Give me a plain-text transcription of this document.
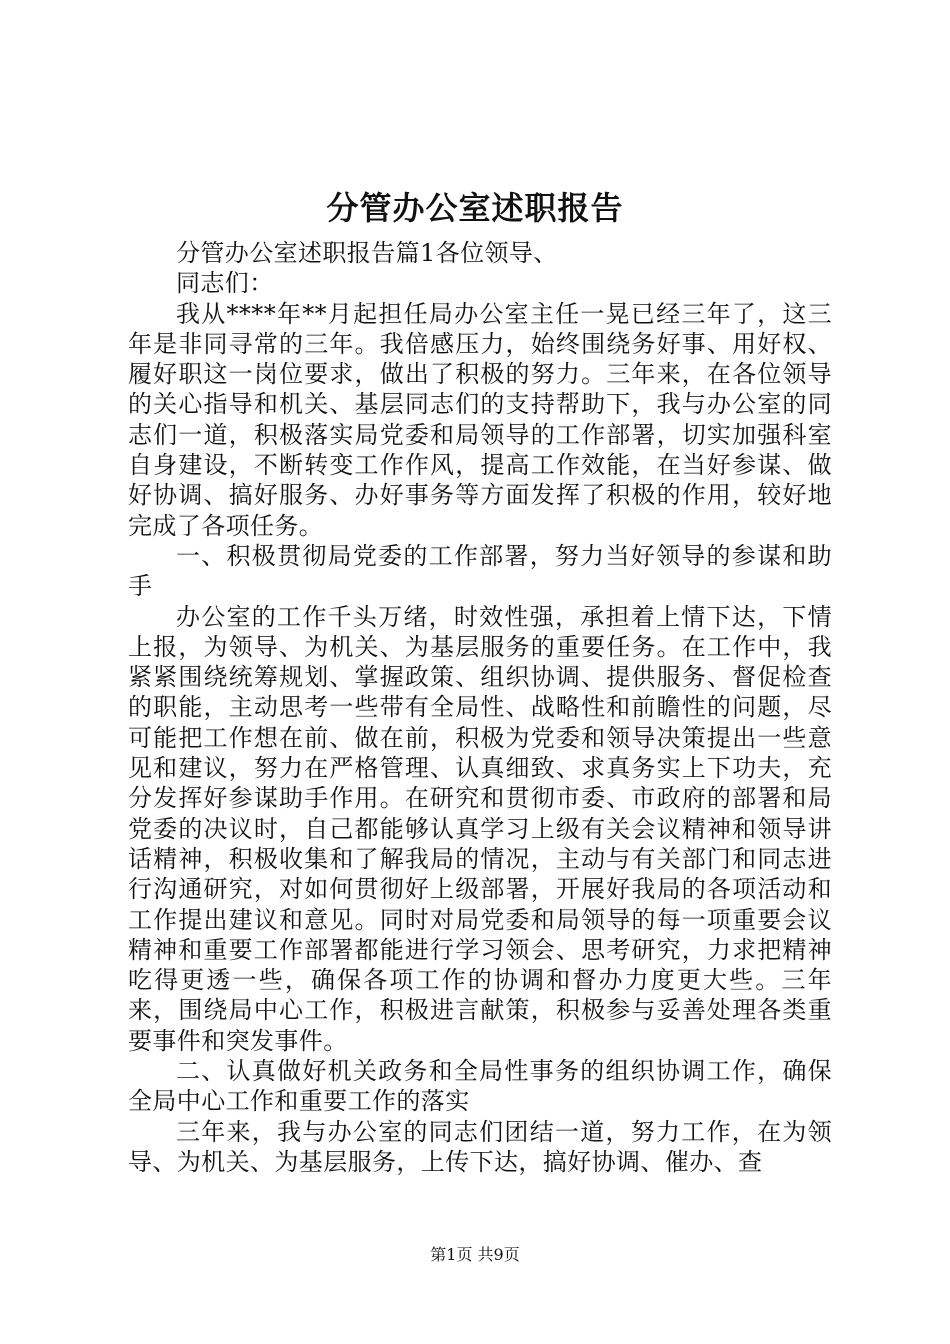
分管办公室述职报告

分管办公室述职报告篇1各位领导、

同志们：

我从****年**月起担任局办公室主任一晃已经三年了，这三年是非同寻常的三年。我倍感压力，始终围绕务好事、用好权、履好职这一岗位要求，做出了积极的努力。三年来，在各位领导的关心指导和机关、基层同志们的支持帮助下，我与办公室的同志们一道，积极落实局党委和局领导的工作部署，切实加强科室自身建设，不断转变工作作风，提高工作效能，在当好参谋、做好协调、搞好服务、办好事务等方面发挥了积极的作用，较好地完成了各项任务。

一、积极贯彻局党委的工作部署，努力当好领导的参谋和助手

办公室的工作千头万绪，时效性强，承担着上情下达，下情上报，为领导、为机关、为基层服务的重要任务。在工作中，我紧紧围绕统筹规划、掌握政策、组织协调、提供服务、督促检查的职能，主动思考一些带有全局性、战略性和前瞻性的问题，尽可能把工作想在前、做在前，积极为党委和领导决策提出一些意见和建议，努力在严格管理、认真细致、求真务实上下功夫，充分发挥好参谋助手作用。在研究和贯彻市委、市政府的部署和局党委的决议时，自己都能够认真学习上级有关会议精神和领导讲话精神，积极收集和了解我局的情况，主动与有关部门和同志进行沟通研究，对如何贯彻好上级部署，开展好我局的各项活动和工作提出建议和意见。同时对局党委和局领导的每一项重要会议精神和重要工作部署都能进行学习领会、思考研究，力求把精神吃得更透一些，确保各项工作的协调和督办力度更大些。三年来，围绕局中心工作，积极进言献策，积极参与妥善处理各类重要事件和突发事件。

二、认真做好机关政务和全局性事务的组织协调工作，确保全局中心工作和重要工作的落实

三年来，我与办公室的同志们团结一道，努力工作，在为领导、为机关、为基层服务，上传下达，搞好协调、催办、查

第1页 共9页
